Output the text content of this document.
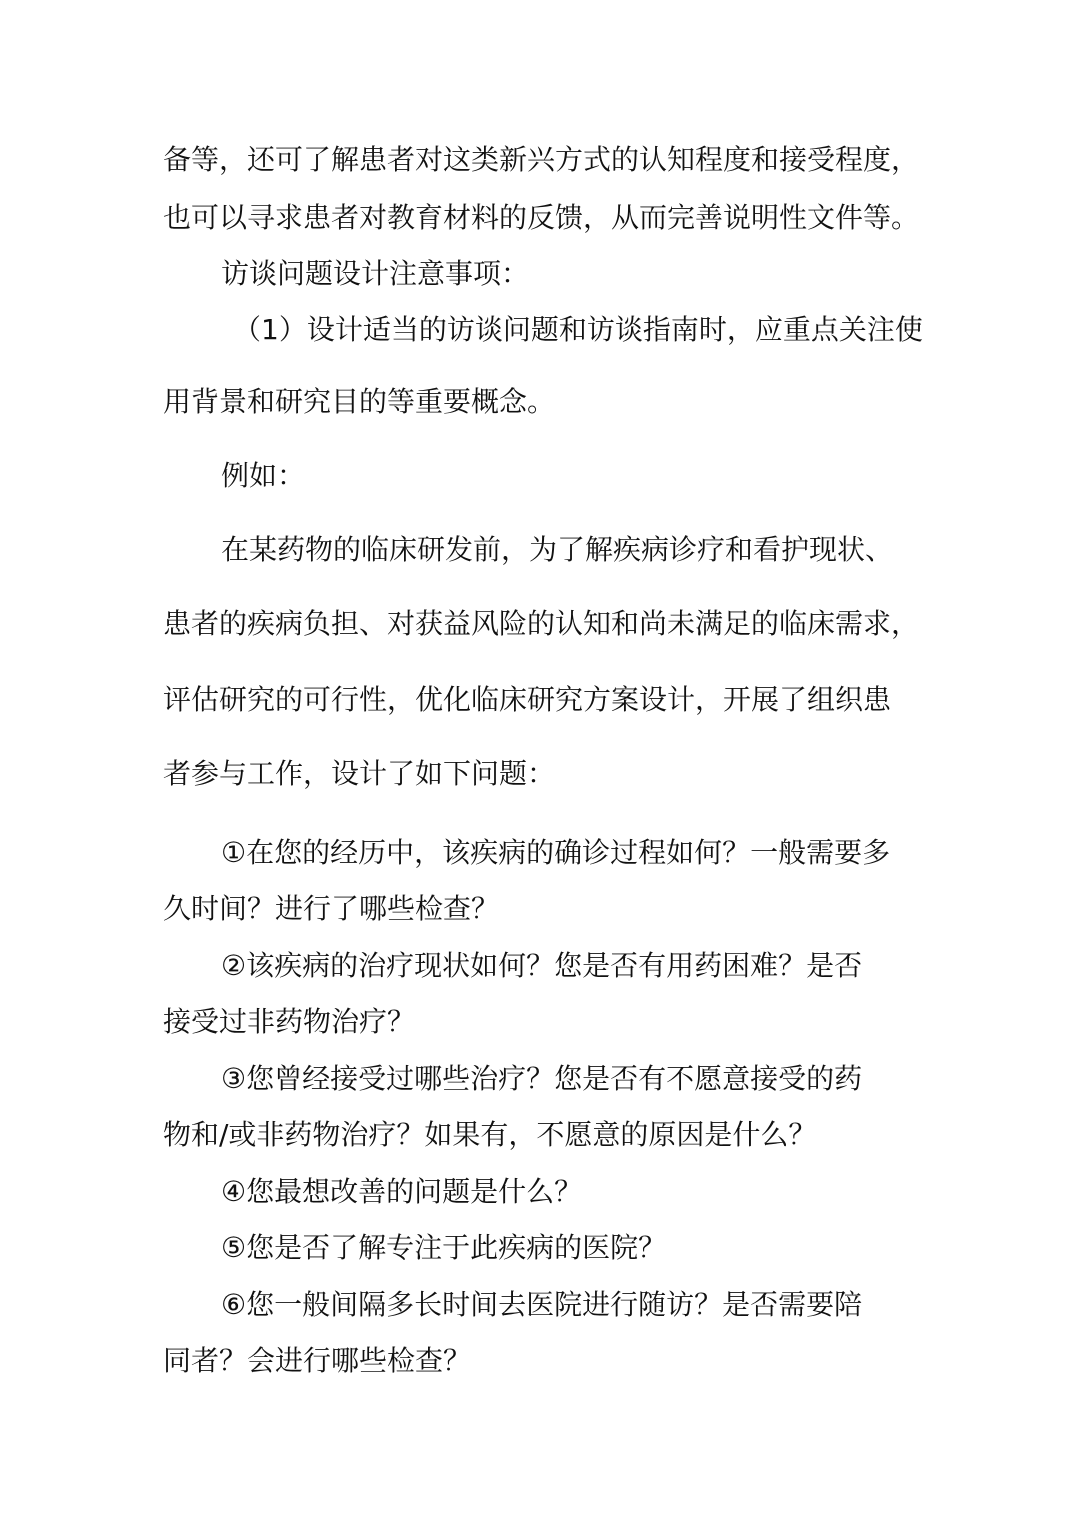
备等，还可了解患者对这类新兴方式的认知程度和接受程度，
也可以寻求患者对教育材料的反馈，从而完善说明性文件等。
访谈问题设计注意事项：
（1）设计适当的访谈问题和访谈指南时，应重点关注使
用背景和研究目的等重要概念。
例如：
在某药物的临床研发前，为了解疾病诊疗和看护现状、
患者的疾病负担、对获益风险的认知和尚未满足的临床需求，
评估研究的可行性，优化临床研究方案设计，开展了组织患
者参与工作，设计了如下问题：
①在您的经历中，该疾病的确诊过程如何？一般需要多
久时间？进行了哪些检查？
②该疾病的治疗现状如何？您是否有用药困难？是否
接受过非药物治疗？
③您曾经接受过哪些治疗？您是否有不愿意接受的药
物和/或非药物治疗？如果有，不愿意的原因是什么？
④您最想改善的问题是什么？
⑤您是否了解专注于此疾病的医院？
⑥您一般间隔多长时间去医院进行随访？是否需要陪
同者？会进行哪些检查？
